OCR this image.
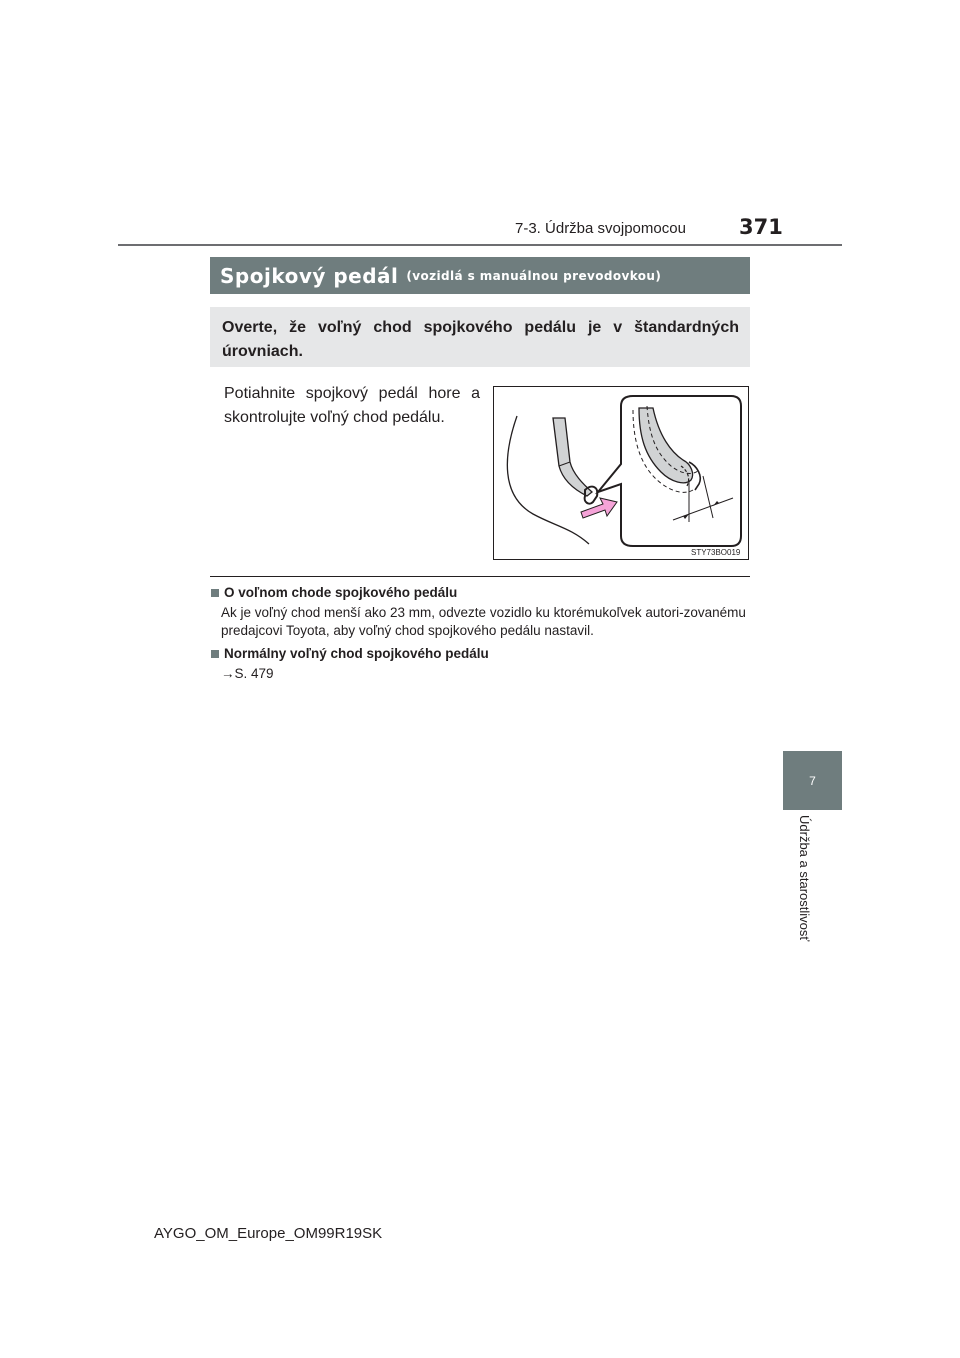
7-3. Údržba svojpomocou	371
Spojkový pedál (vozidlá s manuálnou prevodovkou)
Overte, že voľný chod spojkového pedálu je v štandardných úrovniach.
Potiahnite spojkový pedál hore a skontrolujte voľný chod pedálu.
STY73BO019
O voľnom chode spojkového pedálu
Ak je voľný chod menší ako 23 mm, odvezte vozidlo ku ktorémukoľvek autori-zovanému predajcovi Toyota, aby voľný chod spojkového pedálu nastavil.
Normálny voľný chod spojkového pedálu
→S. 479
7
Údržba a starostlivosť
AYGO_OM_Europe_OM99R19SK
